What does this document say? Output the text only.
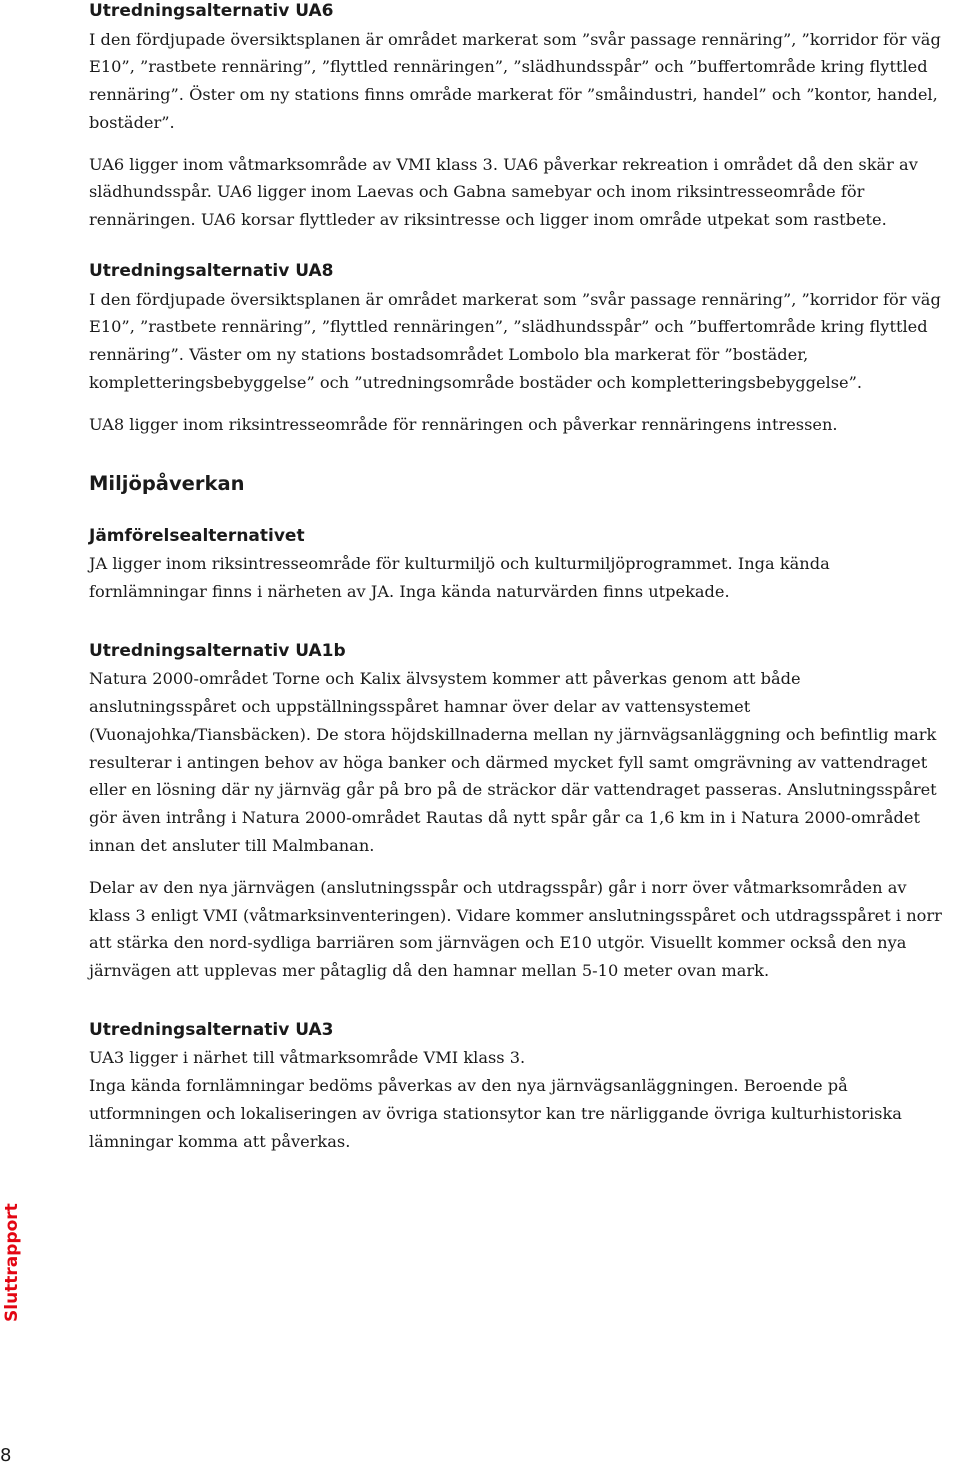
Utredningsalternativ UA6

I den fördjupade översiktsplanen är området markerat som ”svår passage rennäring”, ”korridor för väg E10”, ”rastbete rennäring”, ”flyttled rennäringen”, ”slädhundsspår” och ”buffertområde kring flyttled rennäring”. Öster om ny stations finns område markerat för ”småindustri, handel” och ”kontor, handel, bostäder”.

UA6 ligger inom våtmarksområde av VMI klass 3. UA6 påverkar rekreation i området då den skär av slädhundsspår. UA6 ligger inom Laevas och Gabna samebyar och inom riksintresseområde för rennäringen. UA6 korsar flyttleder av riksintresse och ligger inom område utpekat som rastbete.

Utredningsalternativ UA8

I den fördjupade översiktsplanen är området markerat som ”svår passage rennäring”, ”korridor för väg E10”, ”rastbete rennäring”, ”flyttled rennäringen”, ”slädhundsspår” och ”buffertområde kring flyttled rennäring”. Väster om ny stations bostadsområdet Lombolo bla markerat för ”bostäder, kompletteringsbebyggelse” och ”utredningsområde bostäder och kompletteringsbebyggelse”.

UA8 ligger inom riksintresseområde för rennäringen och påverkar rennäringens intressen.

Miljöpåverkan
Jämförelsealternativet

JA ligger inom riksintresseområde för kulturmiljö och kulturmiljöprogrammet. Inga kända fornlämningar finns i närheten av JA. Inga kända naturvärden finns utpekade.

Utredningsalternativ UA1b

Natura 2000-området Torne och Kalix älvsystem kommer att påverkas genom att både anslutningsspåret och uppställningsspåret hamnar över delar av vattensystemet (Vuonajohka/Tiansbäcken). De stora höjdskillnaderna mellan ny järnvägsanläggning och befintlig mark resulterar i antingen behov av höga banker och därmed mycket fyll samt omgrävning av vattendraget eller en lösning där ny järnväg går på bro på de sträckor där vattendraget passeras. Anslutningsspåret gör även intrång i Natura 2000-området Rautas då nytt spår går ca 1,6 km in i Natura 2000-området innan det ansluter till Malmbanan.

Delar av den nya järnvägen (anslutningsspår och utdragsspår) går i norr över våtmarksområden av klass 3 enligt VMI (våtmarksinventeringen). Vidare kommer anslutningsspåret och utdragsspåret i norr att stärka den nord-sydliga barriären som järnvägen och E10 utgör. Visuellt kommer också den nya järnvägen att upplevas mer påtaglig då den hamnar mellan 5-10 meter ovan mark.

Utredningsalternativ UA3

UA3 ligger i närhet till våtmarksområde VMI klass 3.

Inga kända fornlämningar bedöms påverkas av den nya järnvägsanläggningen. Beroende på utformningen och lokaliseringen av övriga stationsytor kan tre närliggande övriga kulturhistoriska lämningar komma att påverkas.

Sluttrapport
8
